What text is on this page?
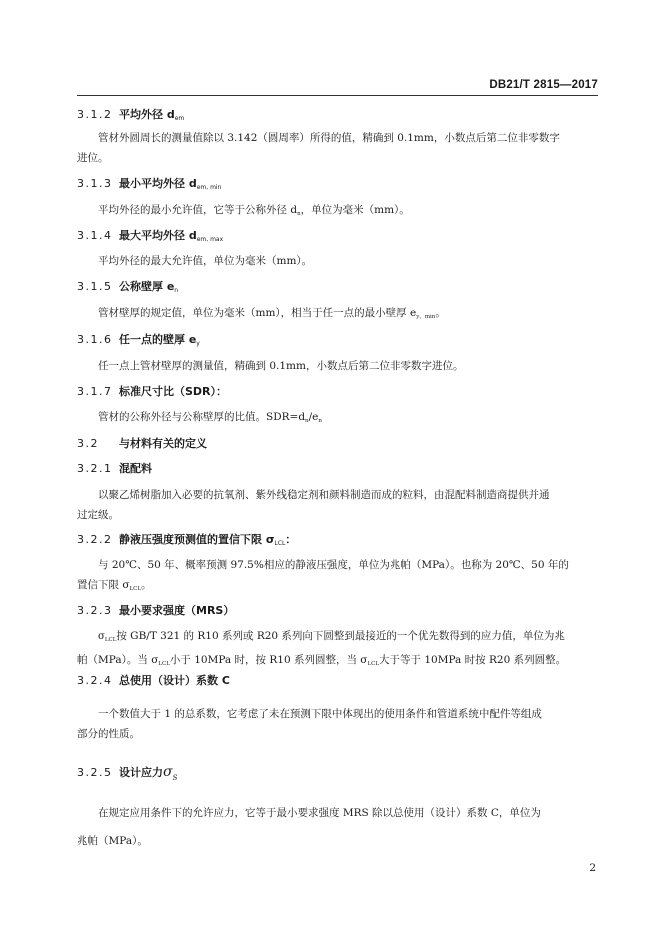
DB21/T 2815—2017
3.1.2 平均外径 $d_{em}$
管材外圆周长的测量值除以 3.142（圆周率）所得的值，精确到 0.1mm，小数点后第二位非零数字
进位。
3.1.3 最小平均外径 $d_{em, min}$
平均外径的最小允许值，它等于公称外径 $d_n$，单位为毫米（mm）。
3.1.4 最大平均外径 $d_{em, max}$
平均外径的最大允许值，单位为毫米（mm）。
3.1.5 公称壁厚 $e_n$
管材壁厚的规定值，单位为毫米（mm），相当于任一点的最小壁厚 $e_{y,min}$。
3.1.6 任一点的壁厚 $e_y$
任一点上管材壁厚的测量值，精确到 0.1mm，小数点后第二位非零数字进位。
3.1.7 标准尺寸比（SDR）：
管材的公称外径与公称壁厚的比值。$SDR=d_n/e_n$
3.2 与材料有关的定义
3.2.1 混配料
以聚乙烯树脂加入必要的抗氧剂、紫外线稳定剂和颜料制造而成的粒料，由混配料制造商提供并通
过定级。
3.2.2 静液压强度预测值的置信下限 $\sigma_{LCL}$：
与 20℃、50 年、概率预测 97.5%相应的静液压强度，单位为兆帕（MPa）。也称为 20℃、50 年的
置信下限 $\sigma_{LCL}$。
3.2.3 最小要求强度（MRS）
$\sigma_{LCL}$按 GB/T 321 的 R10 系列或 R20 系列向下圆整到最接近的一个优先数得到的应力值，单位为兆
帕（MPa）。当 $\sigma_{LCL}$小于 10MPa 时，按 R10 系列圆整，当 $\sigma_{LCL}$大于等于 10MPa 时按 R20 系列圆整。
3.2.4 总使用（设计）系数 C
一个数值大于 1 的总系数，它考虑了未在预测下限中体现出的使用条件和管道系统中配件等组成
部分的性质。
3.2.5 设计应力$\sigma_S$
在规定应用条件下的允许应力，它等于最小要求强度 MRS 除以总使用（设计）系数 C，单位为
兆帕（MPa）。
2
